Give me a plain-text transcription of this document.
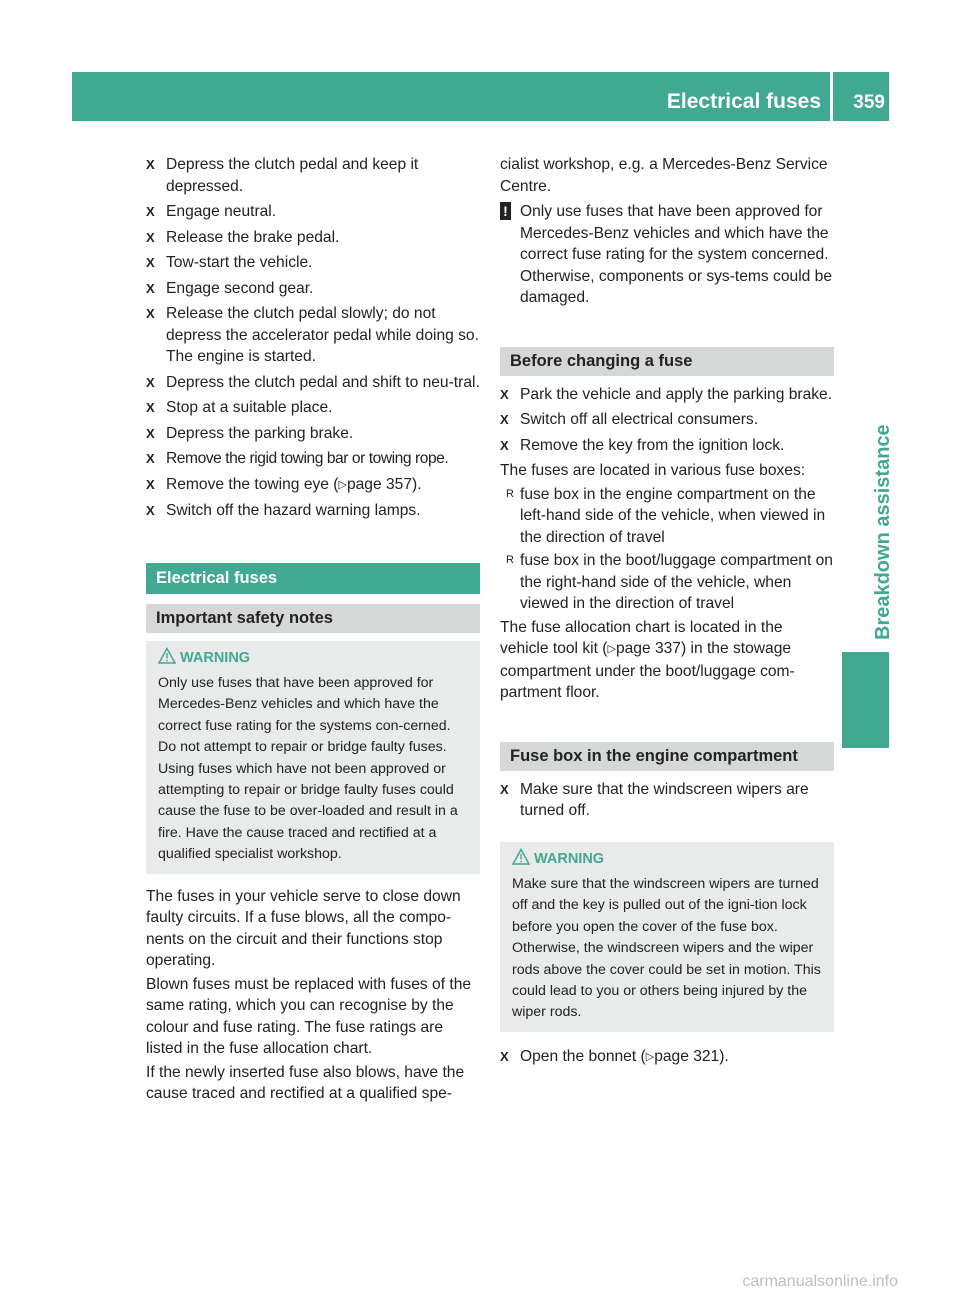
Electrical fuses 359
Breakdown assistance
X Depress the clutch pedal and keep it depressed.
X Engage neutral.
X Release the brake pedal.
X Tow-start the vehicle.
X Engage second gear.
X Release the clutch pedal slowly; do not depress the accelerator pedal while doing so.
The engine is started.
X Depress the clutch pedal and shift to neu-tral.
X Stop at a suitable place.
X Depress the parking brake.
X Remove the rigid towing bar or towing rope.
X Remove the towing eye (▷page 357).
X Switch off the hazard warning lamps.
Electrical fuses
Important safety notes
WARNING
Only use fuses that have been approved for Mercedes-Benz vehicles and which have the correct fuse rating for the systems con-cerned. Do not attempt to repair or bridge faulty fuses. Using fuses which have not been approved or attempting to repair or bridge faulty fuses could cause the fuse to be over-loaded and result in a fire. Have the cause traced and rectified at a qualified specialist workshop.

The fuses in your vehicle serve to close down faulty circuits. If a fuse blows, all the compo-nents on the circuit and their functions stop operating.

Blown fuses must be replaced with fuses of the same rating, which you can recognise by the colour and fuse rating. The fuse ratings are listed in the fuse allocation chart.

If the newly inserted fuse also blows, have the cause traced and rectified at a qualified spe-

cialist workshop, e.g. a Mercedes-Benz Service Centre.

! Only use fuses that have been approved for Mercedes-Benz vehicles and which have the correct fuse rating for the system concerned. Otherwise, components or sys-tems could be damaged.
Before changing a fuse
X Park the vehicle and apply the parking brake.
X Switch off all electrical consumers.
X Remove the key from the ignition lock.

The fuses are located in various fuse boxes:

R fuse box in the engine compartment on the left-hand side of the vehicle, when viewed in the direction of travel
R fuse box in the boot/luggage compartment on the right-hand side of the vehicle, when viewed in the direction of travel

The fuse allocation chart is located in the vehicle tool kit (▷page 337) in the stowage compartment under the boot/luggage com-partment floor.

Fuse box in the engine compartment
X Make sure that the windscreen wipers are turned off.
WARNING
Make sure that the windscreen wipers are turned off and the key is pulled out of the igni-tion lock before you open the cover of the fuse box. Otherwise, the windscreen wipers and the wiper rods above the cover could be set in motion. This could lead to you or others being injured by the wiper rods.
X Open the bonnet (▷page 321).
carmanualsonline.info
